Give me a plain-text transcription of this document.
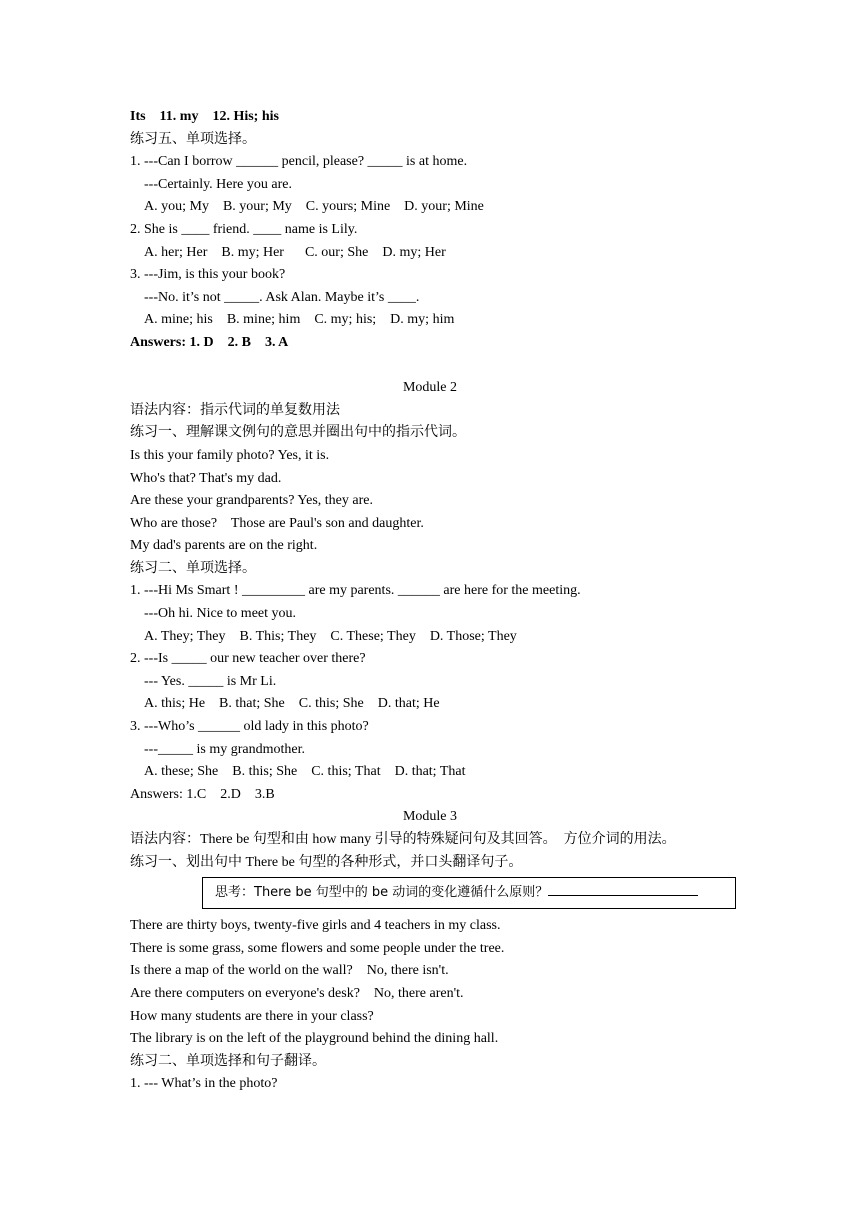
Its    11. my    12. His; his
练习五、单项选择。
1. ---Can I borrow ______ pencil, please? _____ is at home.
---Certainly. Here you are.
A. you; My    B. your; My    C. yours; Mine    D. your; Mine
2. She is ____ friend. ____ name is Lily.
A. her; Her    B. my; Her      C. our; She    D. my; Her
3. ---Jim, is this your book?
---No. it’s not _____. Ask Alan. Maybe it’s ____.
A. mine; his    B. mine; him    C. my; his;    D. my; him
Answers: 1. D    2. B    3. A
Module 2
语法内容：指示代词的单复数用法
练习一、理解课文例句的意思并圈出句中的指示代词。
Is this your family photo? Yes, it is.
Who's that? That's my dad.
Are these your grandparents? Yes, they are.
Who are those?    Those are Paul's son and daughter.
My dad's parents are on the right.
练习二、单项选择。
1. ---Hi Ms Smart ! _________ are my parents. ______ are here for the meeting.
---Oh hi. Nice to meet you.
A. They; They    B. This; They    C. These; They    D. Those; They
2. ---Is _____ our new teacher over there?
--- Yes. _____ is Mr Li.
A. this; He    B. that; She    C. this; She    D. that; He
3. ---Who’s ______ old lady in this photo?
---_____ is my grandmother.
A. these; She    B. this; She    C. this; That    D. that; That
Answers: 1.C    2.D    3.B
Module 3
语法内容：There be 句型和由 how many 引导的特殊疑问句及其回答。  方位介词的用法。
练习一、划出句中 There be 句型的各种形式，并口头翻译句子。
思考：There be 句型中的 be 动词的变化遵循什么原则？
There are thirty boys, twenty-five girls and 4 teachers in my class.
There is some grass, some flowers and some people under the tree.
Is there a map of the world on the wall?    No, there isn't.
Are there computers on everyone's desk?    No, there aren't.
How many students are there in your class?
The library is on the left of the playground behind the dining hall.
练习二、单项选择和句子翻译。
1. --- What’s in the photo?
